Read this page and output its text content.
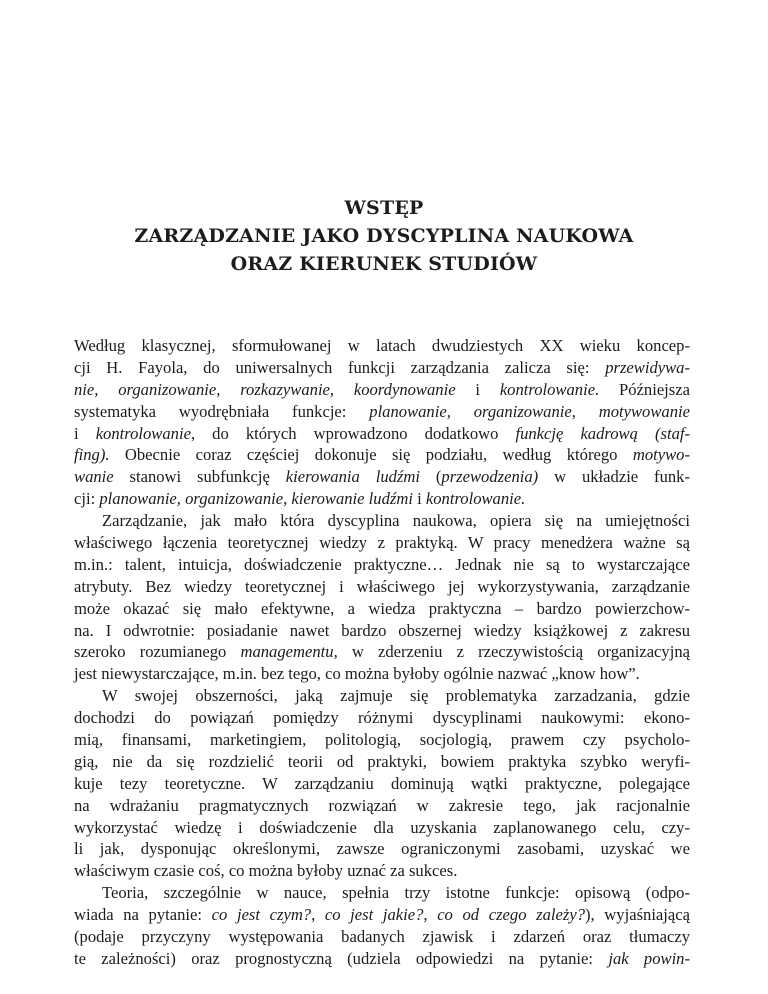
WSTĘP
ZARZĄDZANIE JAKO DYSCYPLINA NAUKOWA
ORAZ KIERUNEK STUDIÓW
Według klasycznej, sformułowanej w latach dwudziestych XX wieku koncep-
cji H. Fayola, do uniwersalnych funkcji zarządzania zalicza się: przewidywa-
nie, organizowanie, rozkazywanie, koordynowanie i kontrolowanie. Późniejsza
systematyka wyodrębniała funkcje: planowanie, organizowanie, motywowanie
i kontrolowanie, do których wprowadzono dodatkowo funkcję kadrową (staf-
fing). Obecnie coraz częściej dokonuje się podziału, według którego motywo-
wanie stanowi subfunkcję kierowania ludźmi (przewodzenia) w układzie funk-
cji: planowanie, organizowanie, kierowanie ludźmi i kontrolowanie.
Zarządzanie, jak mało która dyscyplina naukowa, opiera się na umiejętności
właściwego łączenia teoretycznej wiedzy z praktyką. W pracy menedżera ważne są
m.in.: talent, intuicja, doświadczenie praktyczne… Jednak nie są to wystarczające
atrybuty. Bez wiedzy teoretycznej i właściwego jej wykorzystywania, zarządzanie
może okazać się mało efektywne, a wiedza praktyczna – bardzo powierzchow-
na. I odwrotnie: posiadanie nawet bardzo obszernej wiedzy książkowej z zakresu
szeroko rozumianego managementu, w zderzeniu z rzeczywistością organizacyjną
jest niewystarczające, m.in. bez tego, co można byłoby ogólnie nazwać „know how”.
W swojej obszerności, jaką zajmuje się problematyka zarzadzania, gdzie
dochodzi do powiązań pomiędzy różnymi dyscyplinami naukowymi: ekono-
mią, finansami, marketingiem, politologią, socjologią, prawem czy psycholo-
gią, nie da się rozdzielić teorii od praktyki, bowiem praktyka szybko weryfi-
kuje tezy teoretyczne. W zarządzaniu dominują wątki praktyczne, polegające
na wdrażaniu pragmatycznych rozwiązań w zakresie tego, jak racjonalnie
wykorzystać wiedzę i doświadczenie dla uzyskania zaplanowanego celu, czy-
li jak, dysponując określonymi, zawsze ograniczonymi zasobami, uzyskać we
właściwym czasie coś, co można byłoby uznać za sukces.
Teoria, szczególnie w nauce, spełnia trzy istotne funkcje: opisową (odpo-
wiada na pytanie: co jest czym?, co jest jakie?, co od czego zależy?), wyjaśniającą
(podaje przyczyny występowania badanych zjawisk i zdarzeń oraz tłumaczy
te zależności) oraz prognostyczną (udziela odpowiedzi na pytanie: jak powin-
